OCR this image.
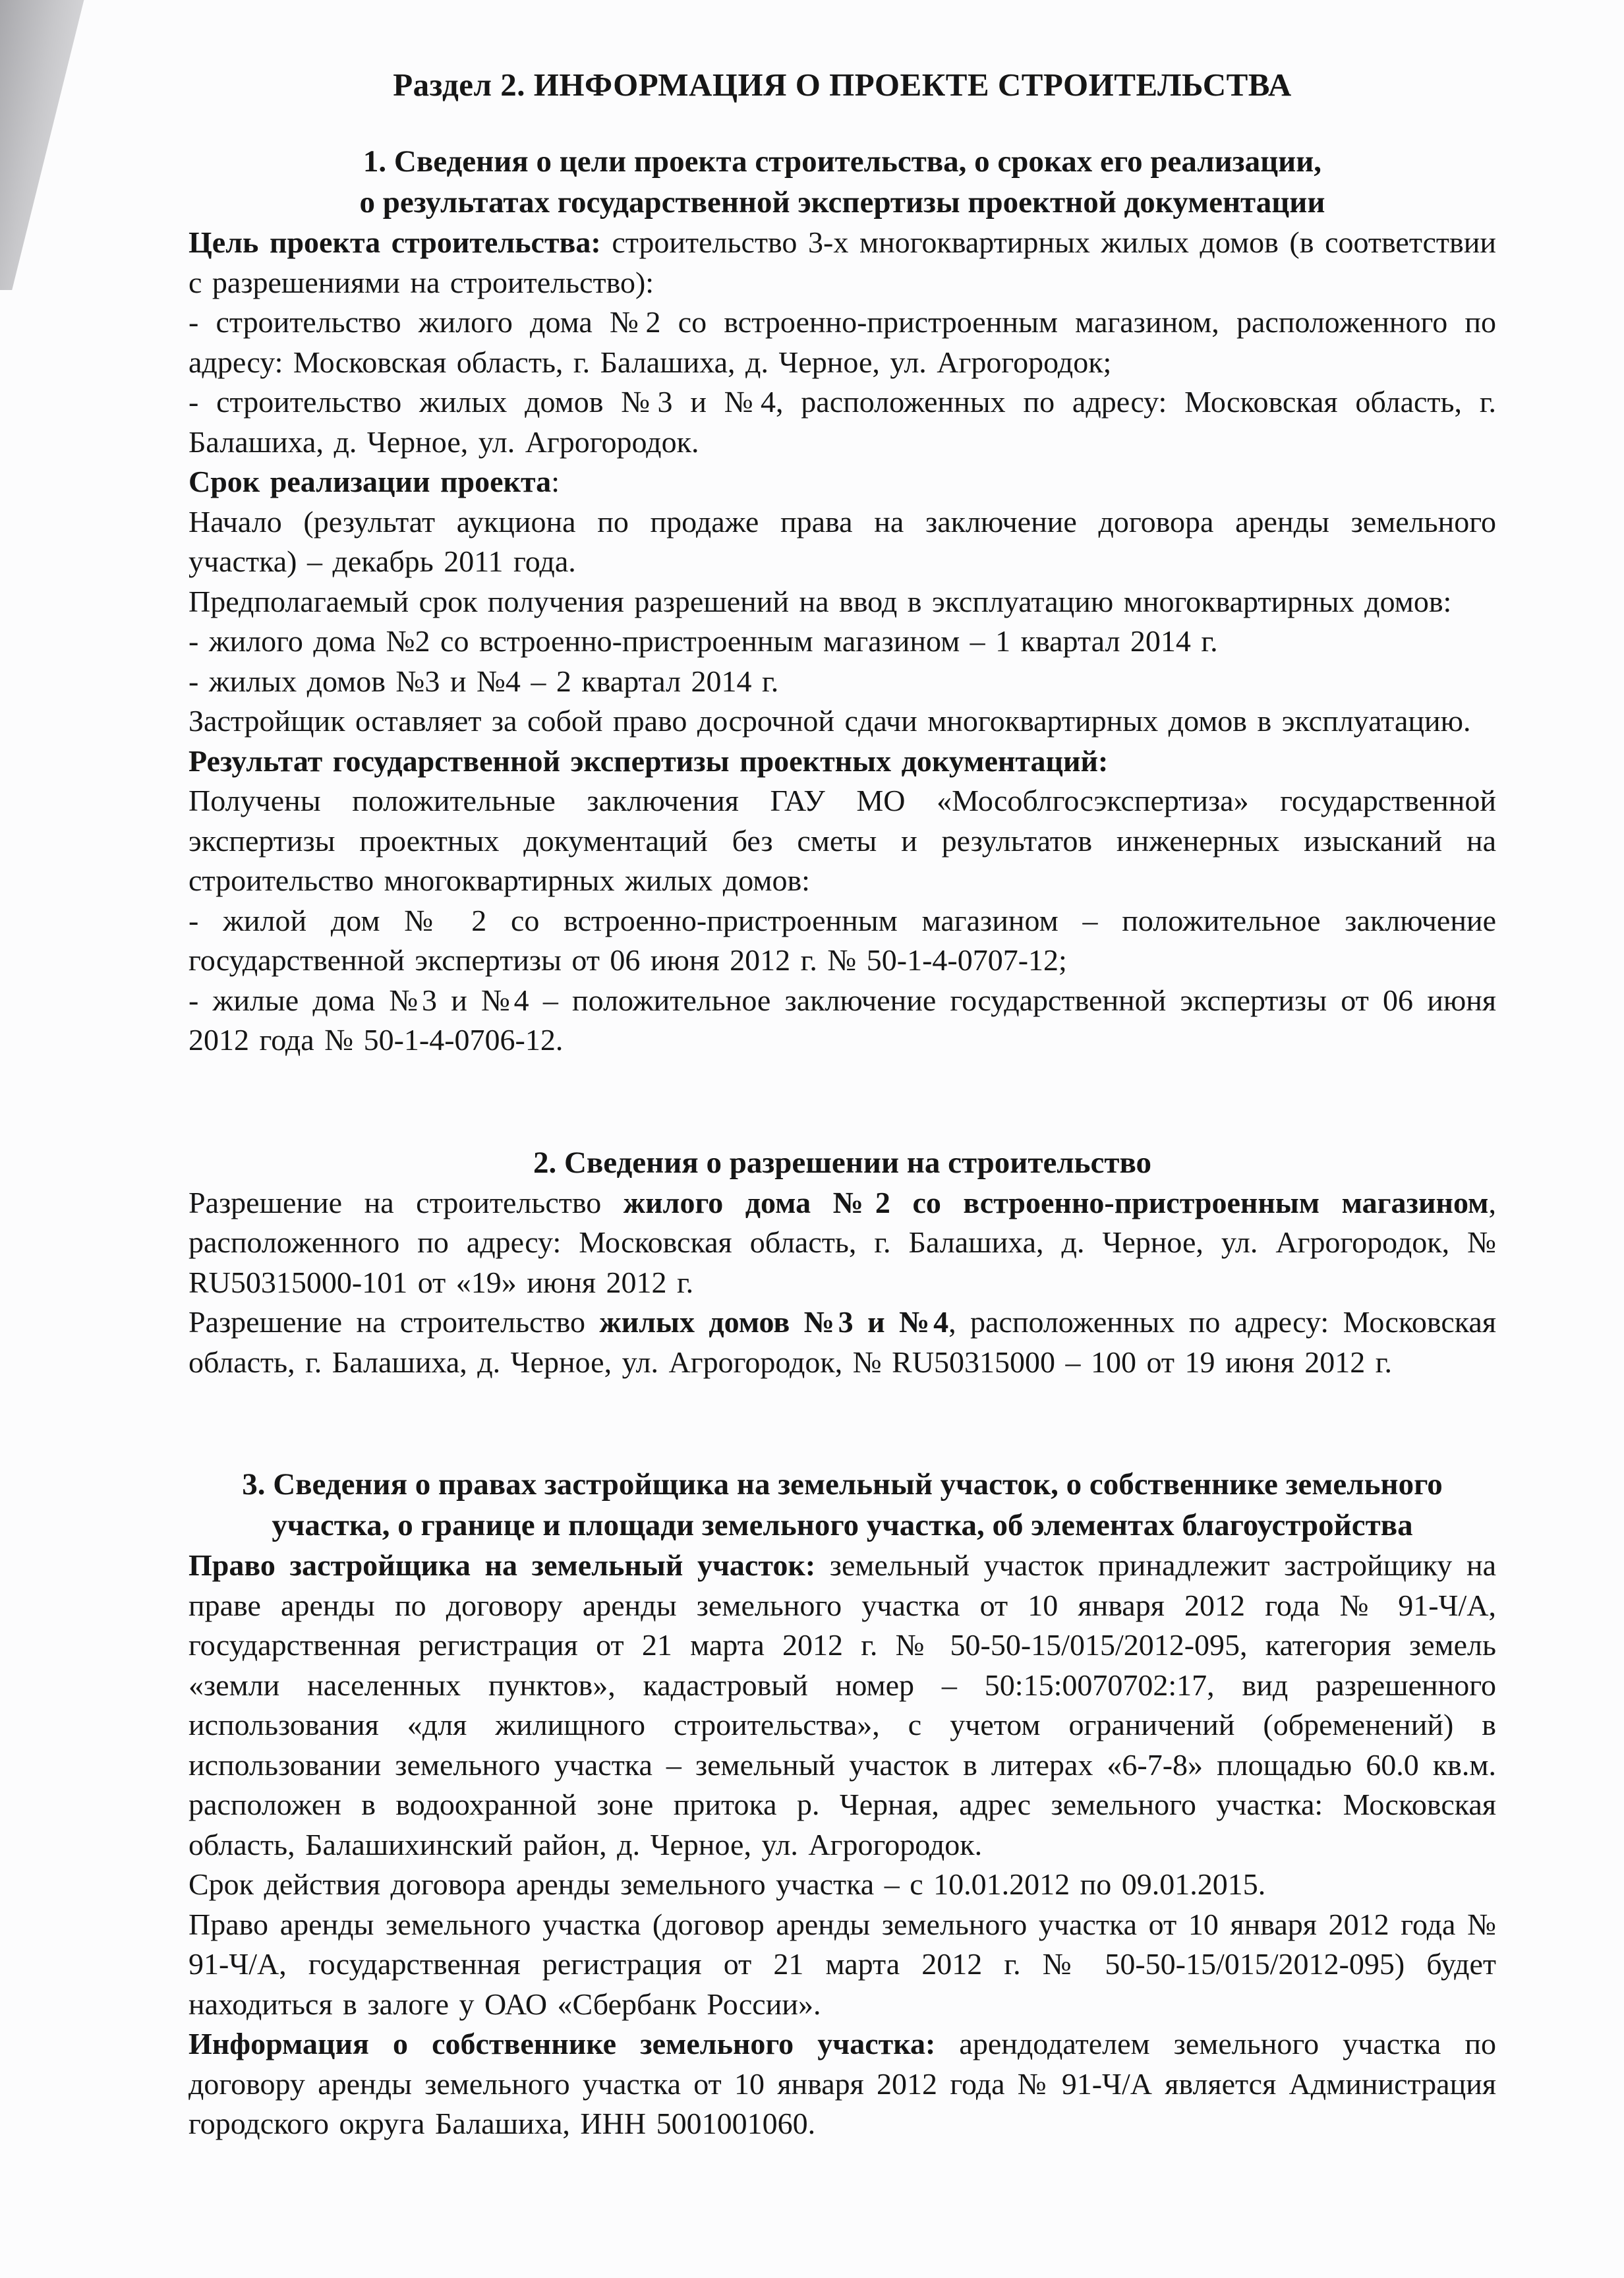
Раздел 2. ИНФОРМАЦИЯ О ПРОЕКТЕ СТРОИТЕЛЬСТВА
1. Сведения о цели проекта строительства, о сроках его реализации,
о результатах государственной экспертизы проектной документации

Цель проекта строительства: строительство 3-х многоквартирных жилых домов (в соответствии с разрешениями на строительство):

- строительство жилого дома №2 со встроенно-пристроенным магазином, расположенного по адресу: Московская область, г. Балашиха, д. Черное, ул. Агрогородок;

- строительство жилых домов №3 и №4, расположенных по адресу: Московская область, г. Балашиха, д. Черное, ул. Агрогородок.

Срок реализации проекта:

Начало (результат аукциона по продаже права на заключение договора аренды земельного участка) – декабрь 2011 года.

Предполагаемый срок получения разрешений на ввод в эксплуатацию многоквартирных домов:

- жилого дома №2 со встроенно-пристроенным магазином – 1 квартал 2014 г.

- жилых домов №3 и №4 – 2 квартал 2014 г.

Застройщик оставляет за собой право досрочной сдачи многоквартирных домов в эксплуатацию.

Результат государственной экспертизы проектных документаций:

Получены положительные заключения ГАУ МО «Мособлгосэкспертиза» государственной экспертизы проектных документаций без сметы и результатов инженерных изысканий на строительство многоквартирных жилых домов:

- жилой дом № 2 со встроенно-пристроенным магазином – положительное заключение государственной экспертизы от 06 июня 2012 г. № 50-1-4-0707-12;

- жилые дома №3 и №4 – положительное заключение государственной экспертизы от 06 июня 2012 года № 50-1-4-0706-12.

2. Сведения о разрешении на строительство

Разрешение на строительство жилого дома №2 со встроенно-пристроенным магазином, расположенного по адресу: Московская область, г. Балашиха, д. Черное, ул. Агрогородок, № RU50315000-101 от «19» июня 2012 г.

Разрешение на строительство жилых домов №3 и №4, расположенных по адресу: Московская область, г. Балашиха, д. Черное, ул. Агрогородок, № RU50315000 – 100 от 19 июня 2012 г.

3. Сведения о правах застройщика на земельный участок, о собственнике земельного
участка, о границе и площади земельного участка, об элементах благоустройства

Право застройщика на земельный участок: земельный участок принадлежит застройщику на праве аренды по договору аренды земельного участка от 10 января 2012 года № 91-Ч/А, государственная регистрация от 21 марта 2012 г. № 50-50-15/015/2012-095, категория земель «земли населенных пунктов», кадастровый номер – 50:15:0070702:17, вид разрешенного использования «для жилищного строительства», с учетом ограничений (обременений) в использовании земельного участка – земельный участок в литерах «6-7-8» площадью 60.0 кв.м. расположен в водоохранной зоне притока р. Черная, адрес земельного участка: Московская область, Балашихинский район, д. Черное, ул. Агрогородок.

Срок действия договора аренды земельного участка – с 10.01.2012 по 09.01.2015.

Право аренды земельного участка (договор аренды земельного участка от 10 января 2012 года № 91-Ч/А, государственная регистрация от 21 марта 2012 г. № 50-50-15/015/2012-095) будет находиться в залоге у ОАО «Сбербанк России».

Информация о собственнике земельного участка: арендодателем земельного участка по договору аренды земельного участка от 10 января 2012 года № 91-Ч/А является Администрация городского округа Балашиха, ИНН 5001001060.
